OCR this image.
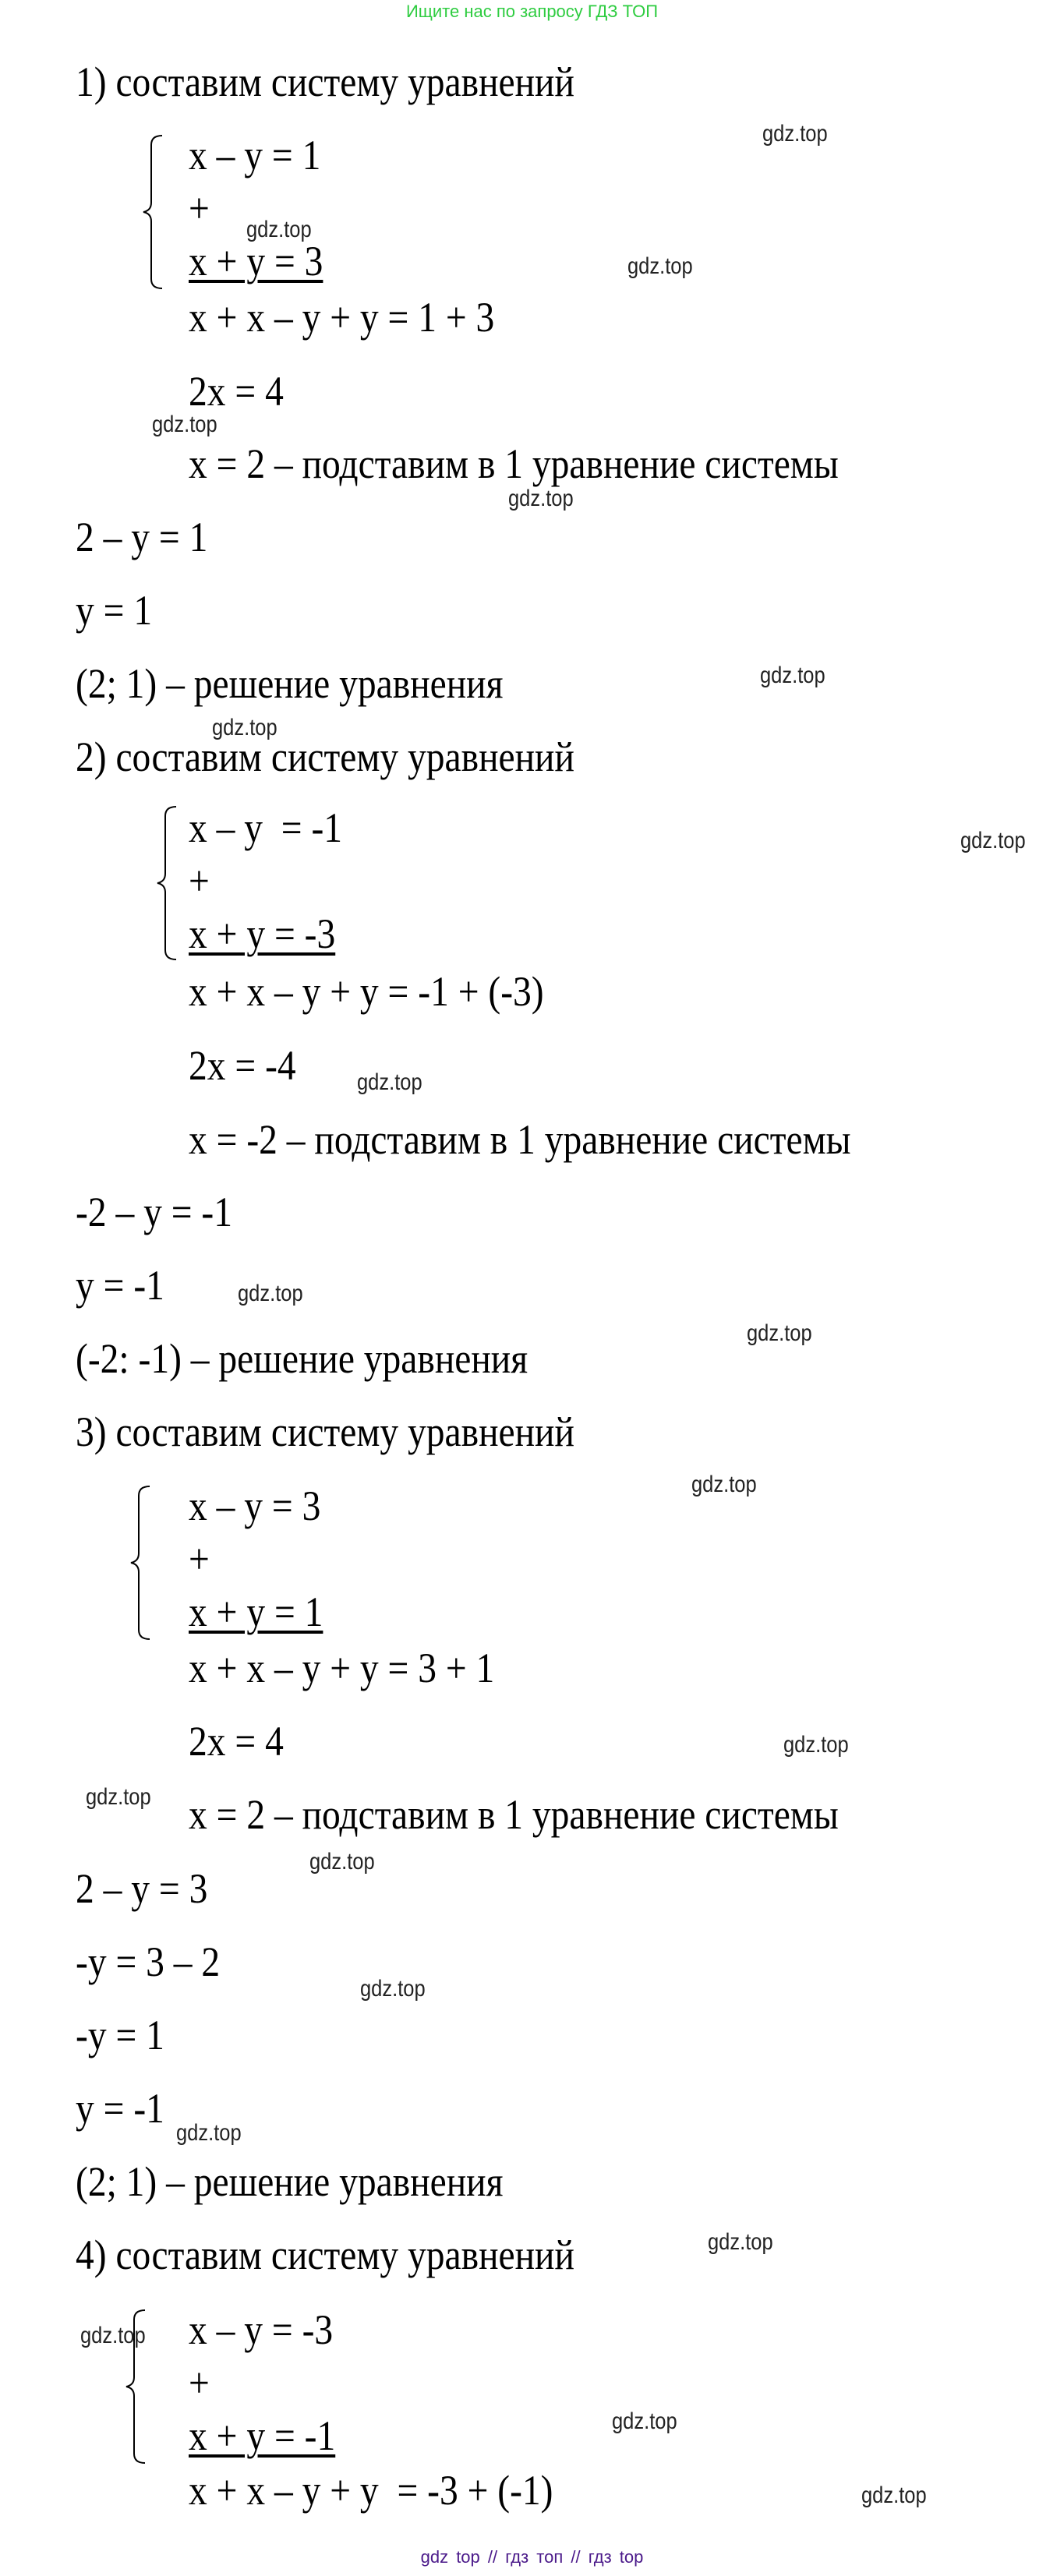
Ищите нас по запросу ГДЗ ТОП
1) составим систему уравнений
x – y = 1
+
x + y = 3
x + x – y + y = 1 + 3
2x = 4
x = 2 – подставим в 1 уравнение системы
2 – y = 1
y = 1
(2; 1) – решение уравнения
2) составим систему уравнений
x – y  = -1
+
x + y = -3
x + x – y + y = -1 + (-3)
2x = -4
x = -2 – подставим в 1 уравнение системы
-2 – y = -1
y = -1
(-2: -1) – решение уравнения
3) составим систему уравнений
x – y = 3
+
x + y = 1
x + x – y + y = 3 + 1
2x = 4
x = 2 – подставим в 1 уравнение системы
2 – y = 3
-y = 3 – 2
-y = 1
y = -1
(2; 1) – решение уравнения
4) составим систему уравнений
x – y = -3
+
x + y = -1
x + x – y + y  = -3 + (-1)
gdz.top
gdz.top
gdz.top
gdz.top
gdz.top
gdz.top
gdz.top
gdz.top
gdz.top
gdz.top
gdz.top
gdz.top
gdz.top
gdz.top
gdz.top
gdz.top
gdz.top
gdz.top
gdz.top
gdz.top
gdz.top
gdz top // гдз топ // гдз top
